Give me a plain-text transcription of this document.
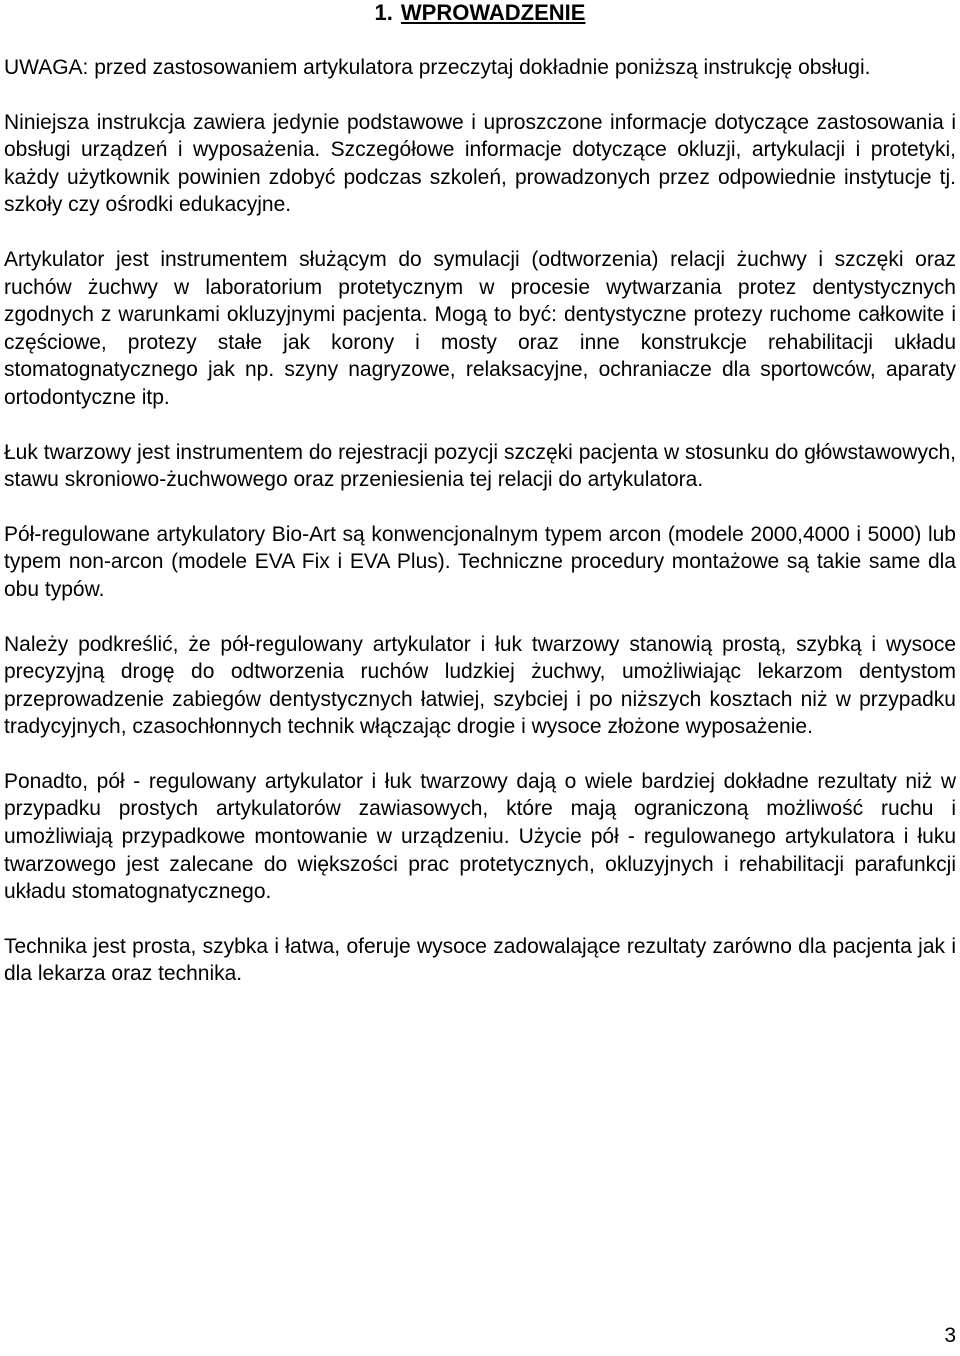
1. WPROWADZENIE

UWAGA: przed zastosowaniem artykulatora przeczytaj dokładnie poniższą instrukcję obsługi.

Niniejsza instrukcja zawiera jedynie podstawowe i uproszczone informacje dotyczące zastosowania i obsługi urządzeń i wyposażenia. Szczegółowe informacje dotyczące okluzji, artykulacji i protetyki, każdy użytkownik powinien zdobyć podczas szkoleń, prowadzonych przez odpowiednie instytucje tj. szkoły czy ośrodki edukacyjne.

Artykulator jest instrumentem służącym do symulacji (odtworzenia) relacji żuchwy i szczęki oraz ruchów żuchwy w laboratorium protetycznym w procesie wytwarzania protez dentystycznych zgodnych z warunkami okluzyjnymi pacjenta. Mogą to być: dentystyczne protezy ruchome całkowite i częściowe, protezy stałe jak korony i mosty oraz inne konstrukcje rehabilitacji układu stomatognatycznego jak np. szyny nagryzowe, relaksacyjne, ochraniacze dla sportowców, aparaty ortodontyczne itp.

Łuk twarzowy jest instrumentem do rejestracji pozycji szczęki pacjenta w stosunku do główstawowych, stawu skroniowo-żuchwowego oraz przeniesienia tej relacji do artykulatora.

Pół-regulowane artykulatory Bio-Art są konwencjonalnym typem arcon (modele 2000,4000 i 5000) lub typem non-arcon (modele EVA Fix i EVA Plus). Techniczne procedury montażowe są takie same dla obu typów.

Należy podkreślić, że pół-regulowany artykulator i łuk twarzowy stanowią prostą, szybką i wysoce precyzyjną drogę do odtworzenia ruchów ludzkiej żuchwy, umożliwiając lekarzom dentystom przeprowadzenie zabiegów dentystycznych łatwiej, szybciej i po niższych kosztach niż w przypadku tradycyjnych, czasochłonnych technik włączając drogie i wysoce złożone wyposażenie.

Ponadto, pół - regulowany artykulator i łuk twarzowy dają o wiele bardziej dokładne rezultaty niż w przypadku prostych artykulatorów zawiasowych, które mają ograniczoną możliwość ruchu i umożliwiają przypadkowe montowanie w urządzeniu. Użycie pół - regulowanego artykulatora i łuku twarzowego jest zalecane do większości prac protetycznych, okluzyjnych i rehabilitacji parafunkcji układu stomatognatycznego.

Technika jest prosta, szybka i łatwa, oferuje wysoce zadowalające rezultaty zarówno dla pacjenta jak i dla lekarza oraz technika.

3
